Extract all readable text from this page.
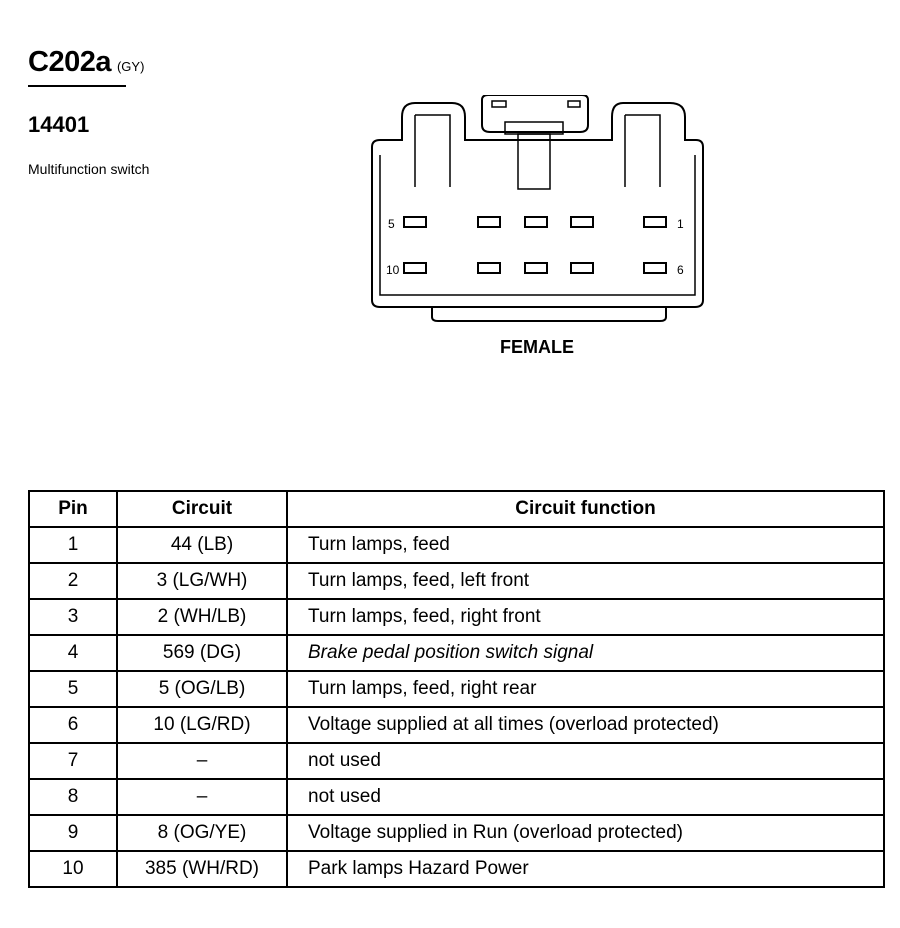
C202a (GY)
14401
Multifunction switch
5	1
10	6
FEMALE
Pin	Circuit	Circuit function
1	44 (LB)	Turn lamps, feed
2	3 (LG/WH)	Turn lamps, feed, left front
3	2 (WH/LB)	Turn lamps, feed, right front
4	569 (DG)	Brake pedal position switch signal
5	5 (OG/LB)	Turn lamps, feed, right rear
6	10 (LG/RD)	Voltage supplied at all times (overload protected)
7	–	not used
8	–	not used
9	8 (OG/YE)	Voltage supplied in Run (overload protected)
10	385 (WH/RD)	Park lamps Hazard Power
